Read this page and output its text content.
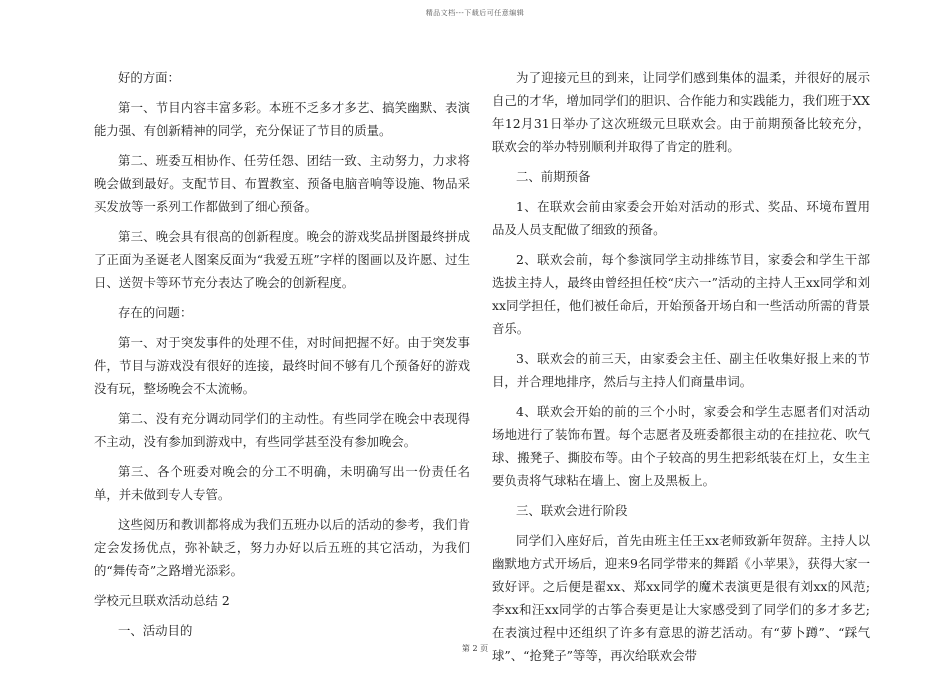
精品文档---下载后可任意编辑

好的方面：

第一、节目内容丰富多彩。本班不乏多才多艺、搞笑幽默、表演能力强、有创新精神的同学，充分保证了节目的质量。

第二、班委互相协作、任劳任怨、团结一致、主动努力，力求将晚会做到最好。支配节目、布置教室、预备电脑音响等设施、物品采买发放等一系列工作都做到了细心预备。

第三、晚会具有很高的创新程度。晚会的游戏奖品拼图最终拼成了正面为圣诞老人图案反面为“我爱五班”字样的图画以及许愿、过生日、送贺卡等环节充分表达了晚会的创新程度。

存在的问题：

第一、对于突发事件的处理不佳，对时间把握不好。由于突发事件，节目与游戏没有很好的连接，最终时间不够有几个预备好的游戏没有玩，整场晚会不太流畅。

第二、没有充分调动同学们的主动性。有些同学在晚会中表现得不主动，没有参加到游戏中，有些同学甚至没有参加晚会。

第三、各个班委对晚会的分工不明确，未明确写出一份责任名单，并未做到专人专管。

这些阅历和教训都将成为我们五班办以后的活动的参考，我们肯定会发扬优点，弥补缺乏，努力办好以后五班的其它活动，为我们的“舞传奇”之路增光添彩。

学校元旦联欢活动总结 2

一、活动目的

为了迎接元旦的到来，让同学们感到集体的温柔，并很好的展示自己的才华，增加同学们的胆识、合作能力和实践能力，我们班于XX年12月31日举办了这次班级元旦联欢会。由于前期预备比较充分，联欢会的举办特别顺利并取得了肯定的胜利。

二、前期预备

1、在联欢会前由家委会开始对活动的形式、奖品、环境布置用品及人员支配做了细致的预备。

2、联欢会前，每个参演同学主动排练节目，家委会和学生干部选拔主持人，最终由曾经担任校“庆六一”活动的主持人王xx同学和刘xx同学担任，他们被任命后，开始预备开场白和一些活动所需的背景音乐。

3、联欢会的前三天，由家委会主任、副主任收集好报上来的节目，并合理地排序，然后与主持人们商量串词。

4、联欢会开始的前的三个小时，家委会和学生志愿者们对活动场地进行了装饰布置。每个志愿者及班委都很主动的在挂拉花、吹气球、搬凳子、撕胶布等。由个子较高的男生把彩纸装在灯上，女生主要负责将气球粘在墙上、窗上及黑板上。

三、联欢会进行阶段

同学们入座好后，首先由班主任王xx老师致新年贺辞。主持人以幽默地方式开场后，迎来9名同学带来的舞蹈《小苹果》，获得大家一致好评。之后便是翟xx、郑xx同学的魔术表演更是很有刘xx的风范;李xx和汪xx同学的古筝合奏更是让大家感受到了同学们的多才多艺;在表演过程中还组织了许多有意思的游艺活动。有“萝卜蹲”、“踩气球”、“抢凳子”等等，再次给联欢会带

第 2 页
